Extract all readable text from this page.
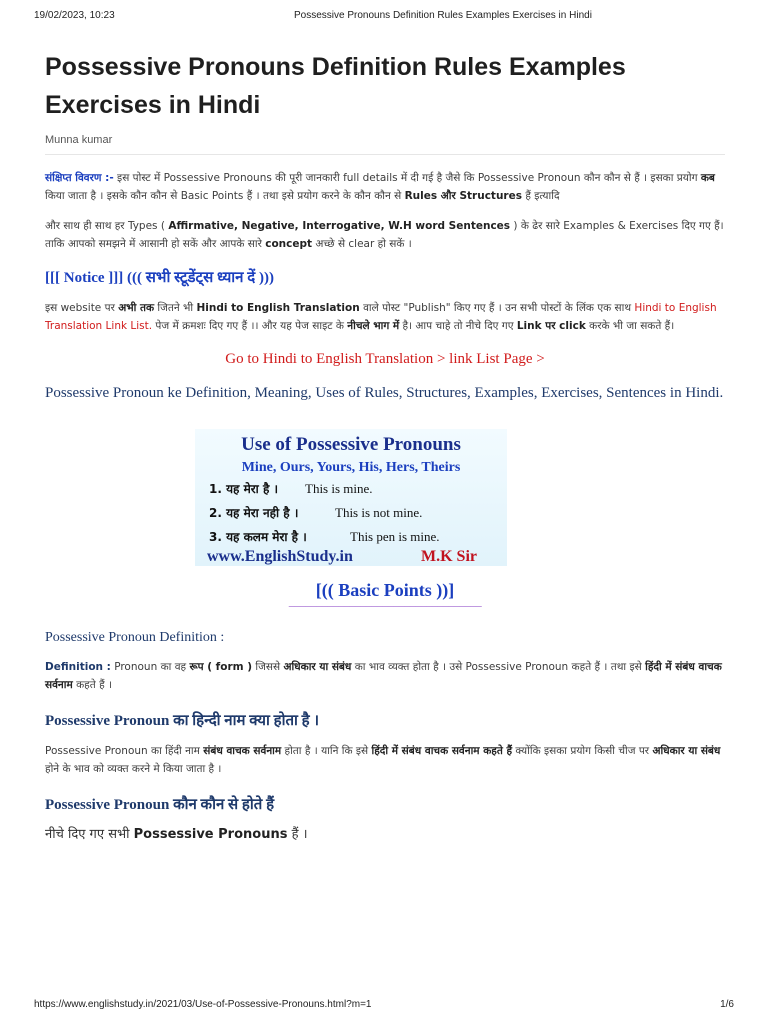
19/02/2023, 10:23	Possessive Pronouns Definition Rules Examples Exercises in Hindi
Possessive Pronouns Definition Rules Examples
Exercises in Hindi
Munna kumar
संक्षिप्त विवरण :- इस पोस्ट में Possessive Pronouns की पूरी जानकारी full details में दी गई है जैसे कि Possessive Pronoun कौन कौन से हैं । इसका प्रयोग कब किया जाता है । इसके कौन कौन से Basic Points हैं । तथा इसे प्रयोग करने के कौन कौन से Rules और Structures हैं इत्यादि
और साथ ही साथ हर Types ( Affirmative, Negative, Interrogative, W.H word Sentences ) के ढेर सारे Examples & Exercises दिए गए हैं। ताकि आपको समझने में आसानी हो सकें और आपके सारे concept अच्छे से clear हो सकें ।
[[[ Notice ]]] ((( सभी स्टूडेंट्स ध्यान दें )))
इस website पर अभी तक जितने भी Hindi to English Translation वाले पोस्ट "Publish" किए गए हैं । उन सभी पोस्टों के लिंक एक साथ Hindi to English Translation Link List. पेज में क्रमशः दिए गए हैं ।। और यह पेज साइट के नीचले भाग में है। आप चाहे तो नीचे दिए गए Link पर click करके भी जा सकते हैं।
Go to Hindi to English Translation > link List Page >
Possessive Pronoun ke Definition, Meaning, Uses of Rules, Structures, Examples, Exercises, Sentences in Hindi.
Use of Possessive Pronouns
Mine, Ours, Yours, His, Hers, Theirs
1. यह मेरा है । This is mine.
2. यह मेरा नही है ।	This is not mine.
3. यह कलम मेरा है ।	This pen is mine.
www.EnglishStudy.in	M.K Sir
[(( Basic Points ))]
___________________________________
Possessive Pronoun Definition :
Definition : Pronoun का वह रूप ( form ) जिससे अधिकार या संबंध का भाव व्यक्त होता है । उसे Possessive Pronoun कहते हैं । तथा इसे हिंदी में संबंध वाचक सर्वनाम कहते हैं ।
Possessive Pronoun का हिन्दी नाम क्या होता है ।
Possessive Pronoun का हिंदी नाम संबंध वाचक सर्वनाम होता है । यानि कि इसे हिंदी में संबंध वाचक सर्वनाम कहते हैं क्योंकि इसका प्रयोग किसी चीज पर अधिकार या संबंध होने के भाव को व्यक्त करने मे किया जाता है ।
Possessive Pronoun कौन कौन से होते हैं
नीचे दिए गए सभी Possessive Pronouns हैं ।
https://www.englishstudy.in/2021/03/Use-of-Possessive-Pronouns.html?m=1	1/6
